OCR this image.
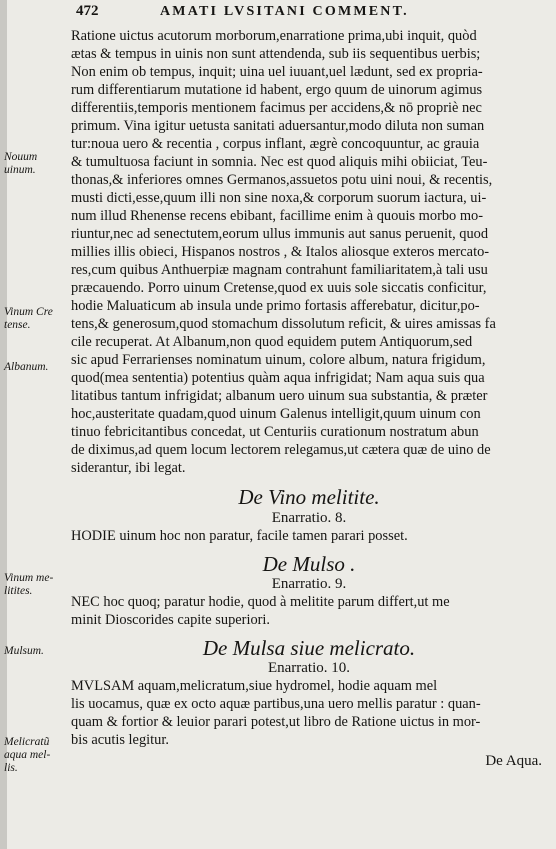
472	AMATI LVSITANI COMMENT.
Ratione uictus acutorum morborum,enarratione prima,ubi inquit, quòd
ætas & tempus in uinis non sunt attendenda, sub iis sequentibus uerbis;
Non enim ob tempus, inquit; uina uel iuuant,uel lædunt, sed ex propria-
rum differentiarum mutatione id habent, ergo quum de uinorum agimus
differentiis,temporis mentionem facimus per accidens,& nō propriè nec
primum. Vina igitur uetusta sanitati aduersantur,modo diluta non suman
tur:noua uero & recentia , corpus inflant, ægrè concoquuntur, ac grauia
& tumultuosa faciunt in somnia. Nec est quod aliquis mihi obiiciat, Teu-
thonas,& inferiores omnes Germanos,assuetos potu uini noui, & recentis,
musti dicti,esse,quum illi non sine noxa,& corporum suorum iactura, ui-
num illud Rhenense recens ebibant, facillime enim à quouis morbo mo-
riuntur,nec ad senectutem,eorum ullus immunis aut sanus peruenit, quod
millies illis obieci, Hispanos nostros , & Italos aliosque exteros mercato-
res,cum quibus Anthuerpiæ magnam contrahunt familiaritatem,à tali usu
præcauendo. Porro uinum Cretense,quod ex uuis sole siccatis conficitur,
hodie Maluaticum ab insula unde primo fortasis afferebatur, dicitur,po-
tens,& generosum,quod stomachum dissolutum reficit, & uires amissas fa
cile recuperat. At Albanum,non quod equidem putem Antiquorum,sed
sic apud Ferrarienses nominatum uinum, colore album, natura frigidum,
quod(mea sententia) potentius quàm aqua infrigidat; Nam aqua suis qua
litatibus tantum infrigidat; albanum uero uinum sua substantia, & præter
hoc,austeritate quadam,quod uinum Galenus intelligit,quum uinum con
tinuo febricitantibus concedat, ut Centuriis curationum nostratum abun
de diximus,ad quem locum lectorem relegamus,ut cætera quæ de uino de
siderantur, ibi legat.
De Vino melitite.
Enarratio. 8.
HODIE uinum hoc non paratur, facile tamen parari posset.
De Mulso .
Enarratio. 9.
NEC hoc quoq; paratur hodie, quod à melitite parum differt,ut me
minit Dioscorides capite superiori.
De Mulsa siue melicrato.
Enarratio. 10.
MVLSAM aquam,melicratum,siue hydromel, hodie aquam mel
lis uocamus, quæ ex octo aquæ partibus,una uero mellis paratur : quan-
quam & fortior & leuior parari potest,ut libro de Ratione uictus in mor-
bis acutis legitur.
De Aqua.
Nouum
uinum.
Vinum Cre
tense.
Albanum.
Vinum me-
litites.
Mulsum.
Melicratũ
aqua mel-
lis.
